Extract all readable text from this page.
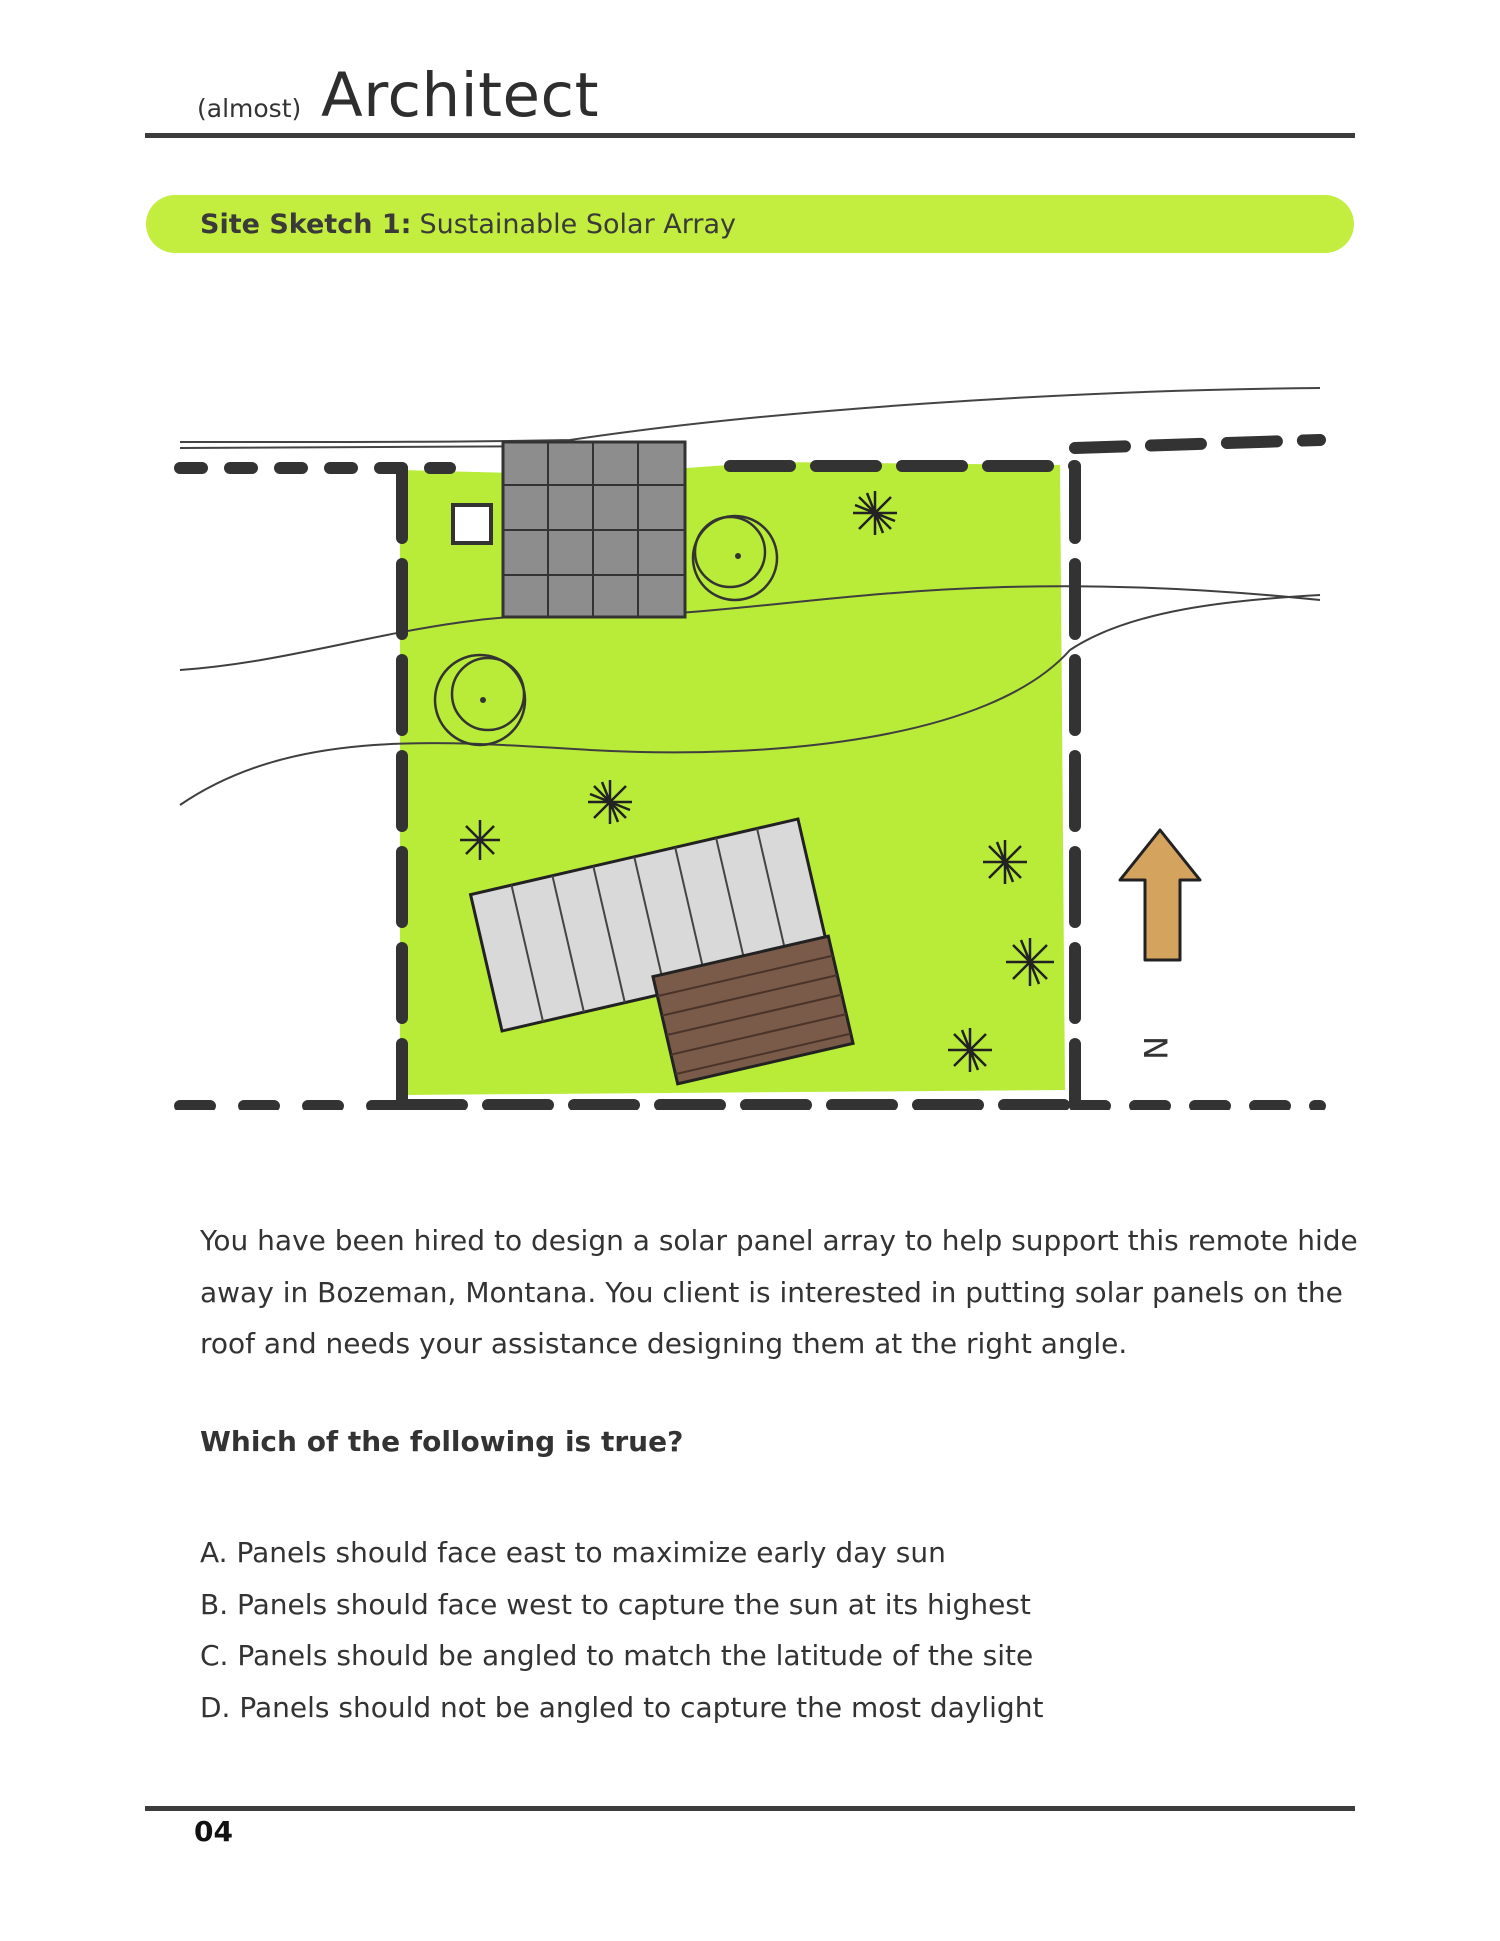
(almost) Architect
Site Sketch 1: Sustainable Solar Array
N
You have been hired to design a solar panel array to help support this remote hide away in Bozeman, Montana. You client is interested in putting solar panels on the roof and needs your assistance designing them at the right angle.
Which of the following is true?
A. Panels should face east to maximize early day sun
B. Panels should face west to capture the sun at its highest
C. Panels should be angled to match the latitude of the site
D. Panels should not be angled to capture the most daylight
04
